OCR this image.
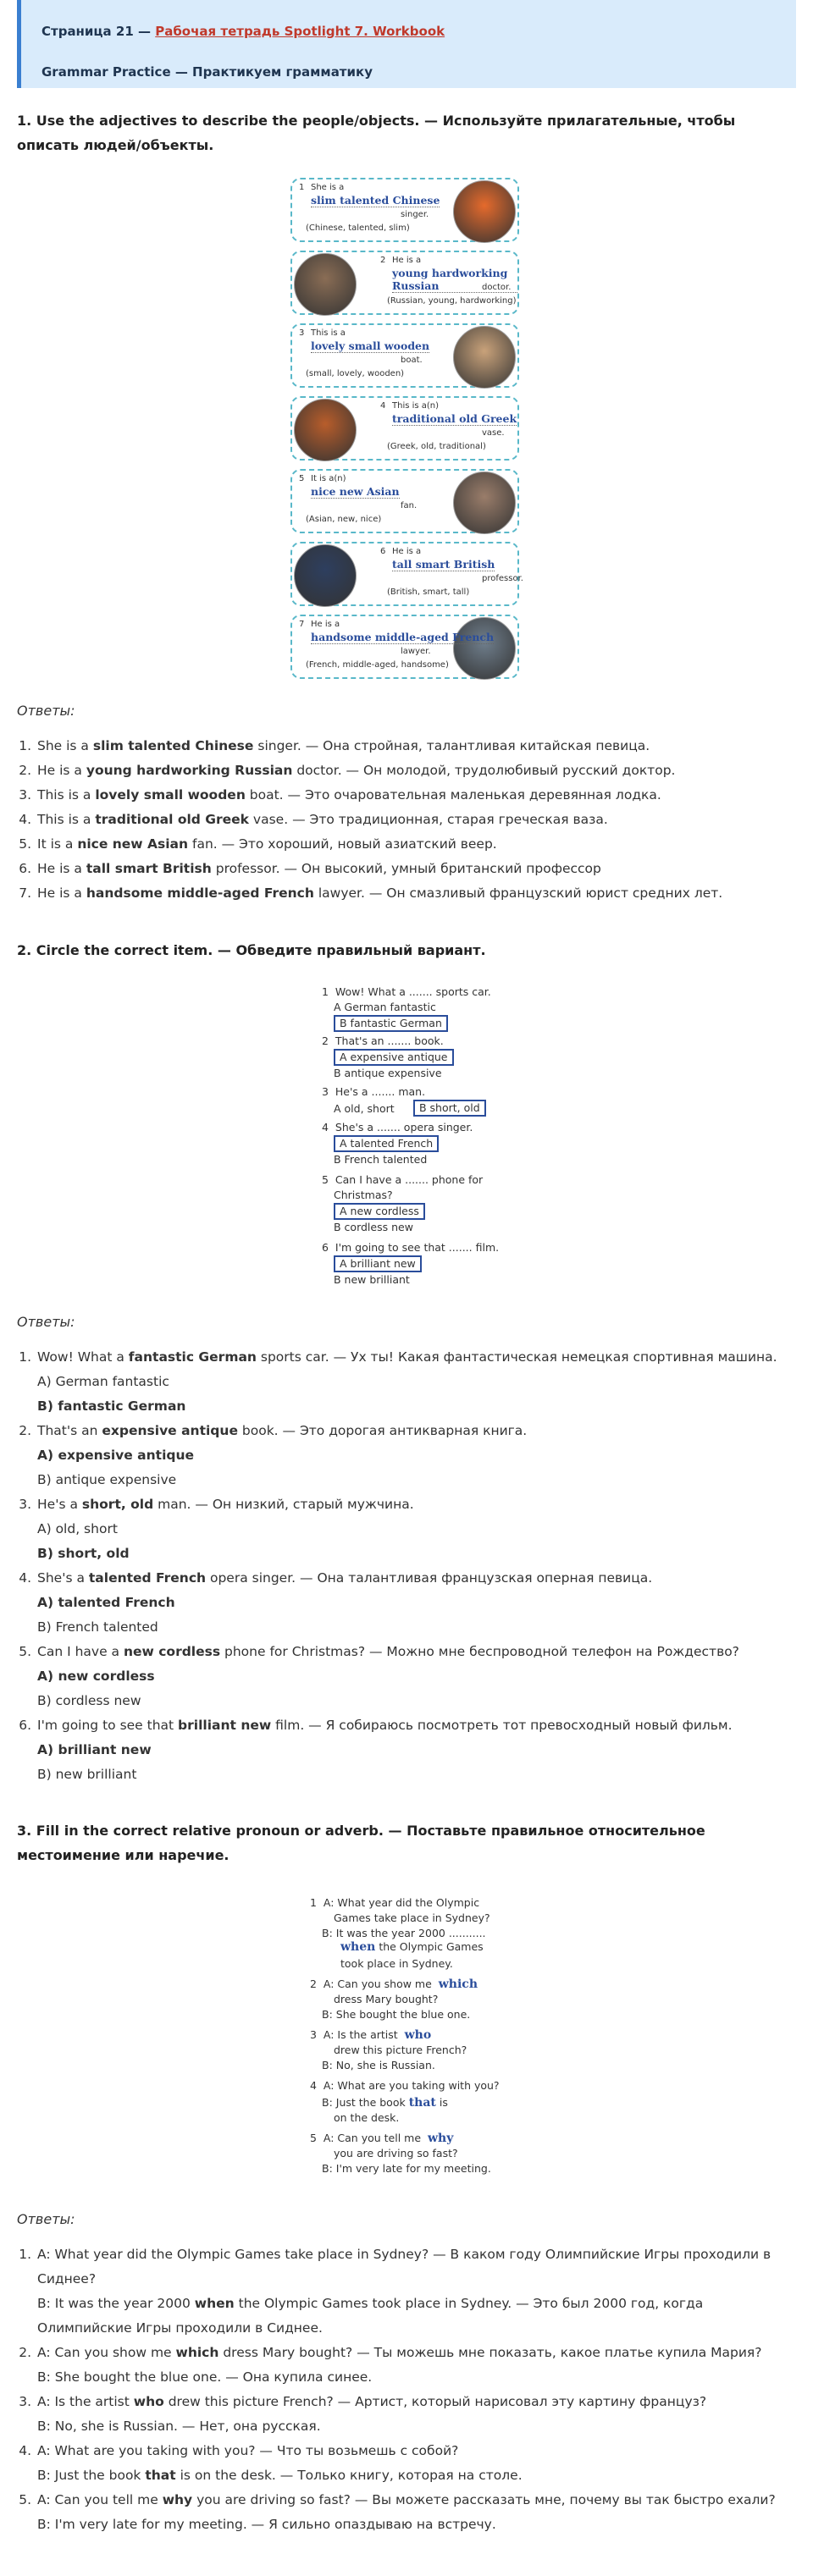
Страница 21 — Рабочая тетрадь Spotlight 7. Workbook
Grammar Practice — Практикуем грамматику
1. Use the adjectives to describe the people/objects. — Используйте прилагательные, чтобы описать людей/объекты.
1 She is a
slim talented Chinese
singer.
(Chinese, talented, slim)
2 He is a
young hardworking Russian	doctor.
(Russian, young, hardworking)
3 This is a
lovely small wooden
boat.
(small, lovely, wooden)
4 This is a(n)
traditional old Greek
vase.
(Greek, old, traditional)
5 It is a(n)
nice new Asian
fan.
(Asian, new, nice)
6 He is a
tall smart British
professor.
(British, smart, tall)
7 He is a
handsome middle-aged French
lawyer.
(French, middle-aged, handsome)
Ответы:
1. She is a slim talented Chinese singer. — Она стройная, талантливая китайская певица.
2. He is a young hardworking Russian doctor. — Он молодой, трудолюбивый русский доктор.
3. This is a lovely small wooden boat. — Это очаровательная маленькая деревянная лодка.
4. This is a traditional old Greek vase. — Это традиционная, старая греческая ваза.
5. It is a nice new Asian fan. — Это хороший, новый азиатский веер.
6. He is a tall smart British professor. — Он высокий, умный британский профессор
7. He is a handsome middle-aged French lawyer. — Он смазливый французский юрист средних лет.
2. Circle the correct item. — Обведите правильный вариант.
1  Wow! What a ....... sports car.
A German fantastic
B fantastic German
2  That's an ....... book.
A expensive antique
B antique expensive
3  He's a ....... man.
A old, short	B short, old
4  She's a ....... opera singer.
A talented French
B French talented
5  Can I have a ....... phone for
Christmas?
A new cordless
B cordless new
6  I'm going to see that ....... film.
A brilliant new
B new brilliant
Ответы:
1. Wow! What a fantastic German sports car. — Ух ты! Какая фантастическая немецкая спортивная машина.
A) German fantastic
B) fantastic German
2. That's an expensive antique book. — Это дорогая антикварная книга.
A) expensive antique
B) antique expensive
3. He's a short, old man. — Он низкий, старый мужчина.
A) old, short
B) short, old
4. She's a talented French opera singer. — Она талантливая французская оперная певица.
A) talented French
B) French talented
5. Can I have a new cordless phone for Christmas? — Можно мне беспроводной телефон на Рождество?
A) new cordless
B) cordless new
6. I'm going to see that brilliant new film. — Я собираюсь посмотреть тот превосходный новый фильм.
A) brilliant new
B) new brilliant
3. Fill in the correct relative pronoun or adverb. — Поставьте правильное относительное местоимение или наречие.
1  A: What year did the Olympic
Games take place in Sydney?
B: It was the year 2000 ...........
when the Olympic Games
took place in Sydney.
2  A: Can you show me which
dress Mary bought?
B: She bought the blue one.
3  A: Is the artist who
drew this picture French?
B: No, she is Russian.
4  A: What are you taking with you?
B: Just the book that is
on the desk.
5  A: Can you tell me why
you are driving so fast?
B: I'm very late for my meeting.
Ответы:
1. A: What year did the Olympic Games take place in Sydney? — В каком году Олимпийские Игры проходили в Сиднее?
B: It was the year 2000 when the Olympic Games took place in Sydney. — Это был 2000 год, когда Олимпийские Игры проходили в Сиднее.
2. A: Can you show me which dress Mary bought? — Ты можешь мне показать, какое платье купила Мария?
B: She bought the blue one. — Она купила синее.
3. A: Is the artist who drew this picture French? — Артист, который нарисовал эту картину француз?
B: No, she is Russian. — Нет, она русская.
4. A: What are you taking with you? — Что ты возьмешь с собой?
B: Just the book that is on the desk. — Только книгу, которая на столе.
5. A: Can you tell me why you are driving so fast? — Вы можете рассказать мне, почему вы так быстро ехали?
B: I'm very late for my meeting. — Я сильно опаздываю на встречу.
